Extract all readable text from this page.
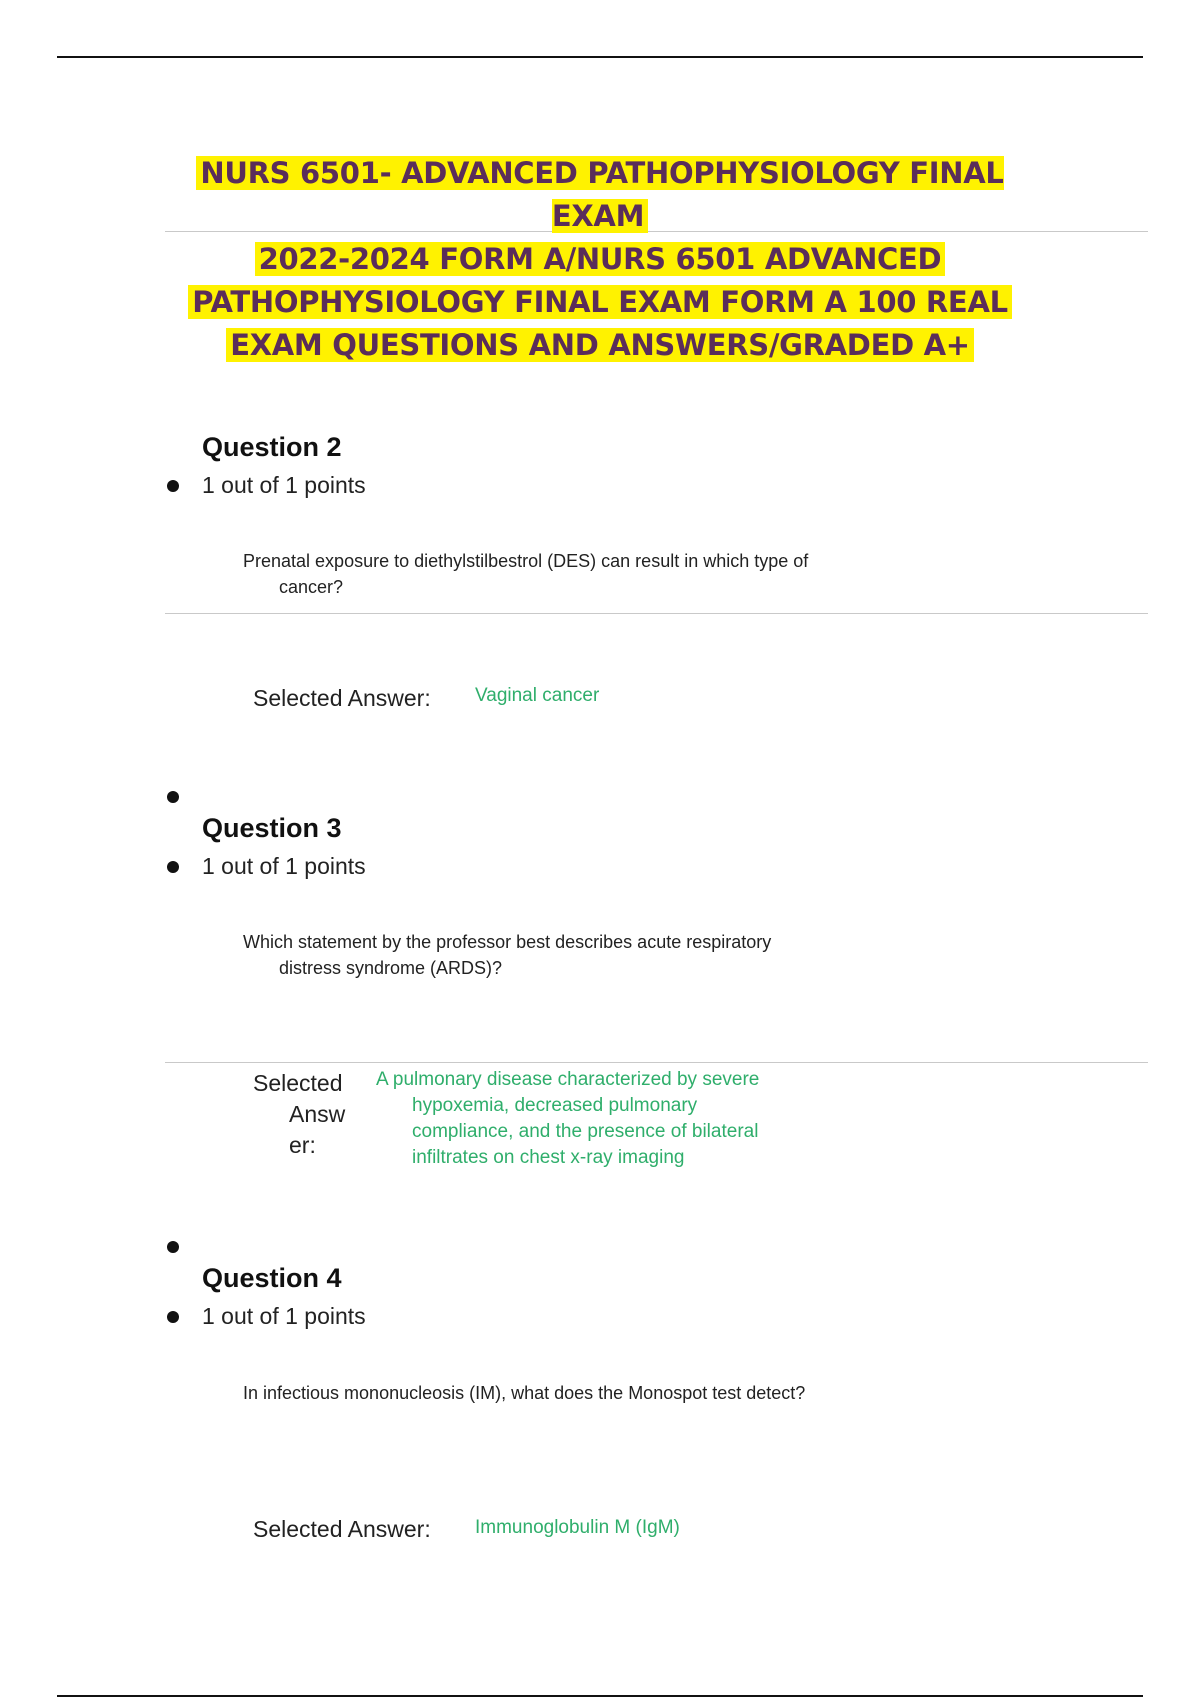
NURS 6501- ADVANCED PATHOPHYSIOLOGY FINAL EXAM
2022-2024 FORM A/NURS 6501 ADVANCED
PATHOPHYSIOLOGY FINAL EXAM FORM A 100 REAL
EXAM QUESTIONS AND ANSWERS/GRADED A+
Question 2
1 out of 1 points
Prenatal exposure to diethylstilbestrol (DES) can result in which type of
cancer?
Selected Answer: Vaginal cancer
Question 3
1 out of 1 points
Which statement by the professor best describes acute respiratory
distress syndrome (ARDS)?
Selected
Answ
er:
A pulmonary disease characterized by severe
hypoxemia, decreased pulmonary
compliance, and the presence of bilateral
infiltrates on chest x-ray imaging
Question 4
1 out of 1 points
In infectious mononucleosis (IM), what does the Monospot test detect?
Selected Answer: Immunoglobulin M (IgM)
